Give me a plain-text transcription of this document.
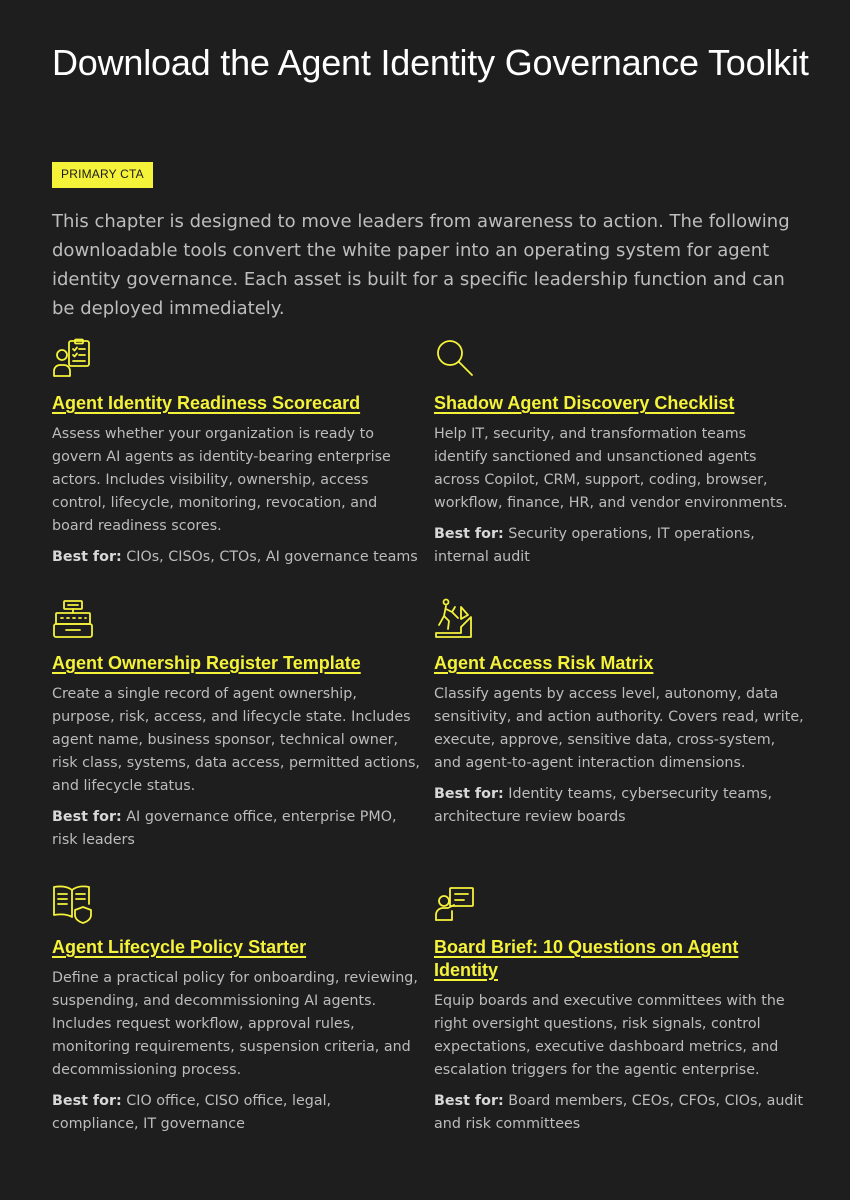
Download the Agent Identity Governance Toolkit
PRIMARY CTA

This chapter is designed to move leaders from awareness to action. The following downloadable tools convert the white paper into an operating system for agent identity governance. Each asset is built for a specific leadership function and can be deployed immediately.

Agent Identity Readiness Scorecard

Assess whether your organization is ready to govern AI agents as identity-bearing enterprise actors. Includes visibility, ownership, access control, lifecycle, monitoring, revocation, and board readiness scores.

Best for: CIOs, CISOs, CTOs, AI governance teams

Shadow Agent Discovery Checklist

Help IT, security, and transformation teams identify sanctioned and unsanctioned agents across Copilot, CRM, support, coding, browser, workflow, finance, HR, and vendor environments.

Best for: Security operations, IT operations, internal audit

Agent Ownership Register Template

Create a single record of agent ownership, purpose, risk, access, and lifecycle state. Includes agent name, business sponsor, technical owner, risk class, systems, data access, permitted actions, and lifecycle status.

Best for: AI governance office, enterprise PMO, risk leaders

Agent Access Risk Matrix

Classify agents by access level, autonomy, data sensitivity, and action authority. Covers read, write, execute, approve, sensitive data, cross-system, and agent-to-agent interaction dimensions.

Best for: Identity teams, cybersecurity teams, architecture review boards

Agent Lifecycle Policy Starter

Define a practical policy for onboarding, reviewing, suspending, and decommissioning AI agents. Includes request workflow, approval rules, monitoring requirements, suspension criteria, and decommissioning process.

Best for: CIO office, CISO office, legal, compliance, IT governance

Board Brief: 10 Questions on Agent Identity

Equip boards and executive committees with the right oversight questions, risk signals, control expectations, executive dashboard metrics, and escalation triggers for the agentic enterprise.

Best for: Board members, CEOs, CFOs, CIOs, audit and risk committees
